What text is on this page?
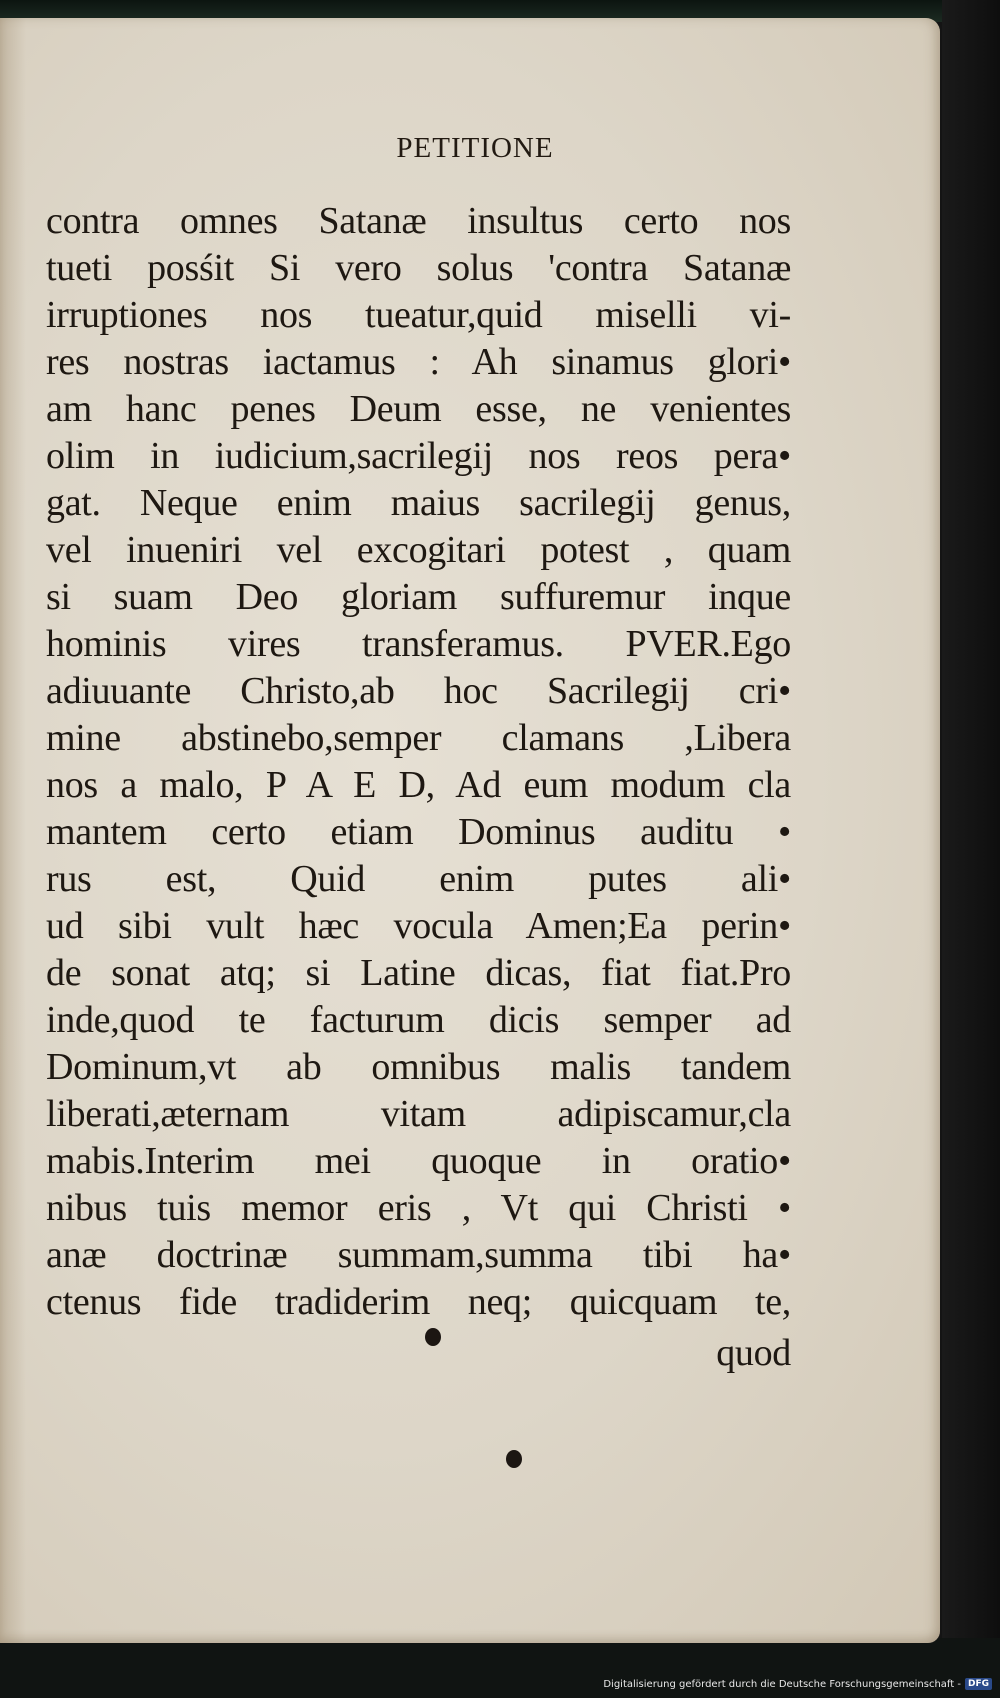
PETITIONE
contra omnes Satanæ insultus certo nos
tueti posśit Si vero solus 'contra Satanæ
irruptiones nos tueatur,quid miselli vi-
res nostras iactamus : Ah sinamus glori•
am hanc penes Deum esse, ne venientes
olim in iudicium,sacrilegij nos reos pera•
gat. Neque enim maius sacrilegij genus,
vel inueniri vel excogitari potest , quam
si suam Deo gloriam suffuremur inque
hominis vires transferamus. PVER.Ego
adiuuante Christo,ab hoc Sacrilegij cri•
mine abstinebo,semper clamans ,Libera
nos a malo, P A E D, Ad eum modum cla
mantem certo etiam Dominus auditu •
rus est, Quid enim putes ali•
ud sibi vult hæc vocula Amen;Ea perin•
de sonat atq; si Latine dicas, fiat fiat.Pro
inde,quod te facturum dicis semper ad
Dominum,vt ab omnibus malis tandem
liberati,æternam vitam adipiscamur,cla
mabis.Interim mei quoque in oratio•
nibus tuis memor eris , Vt qui Christi •
anæ doctrinæ summam,summa tibi ha•
ctenus fide tradiderim neq; quicquam te,
quod
Digitalisierung gefördert durch die Deutsche Forschungsgemeinschaft - DFG
